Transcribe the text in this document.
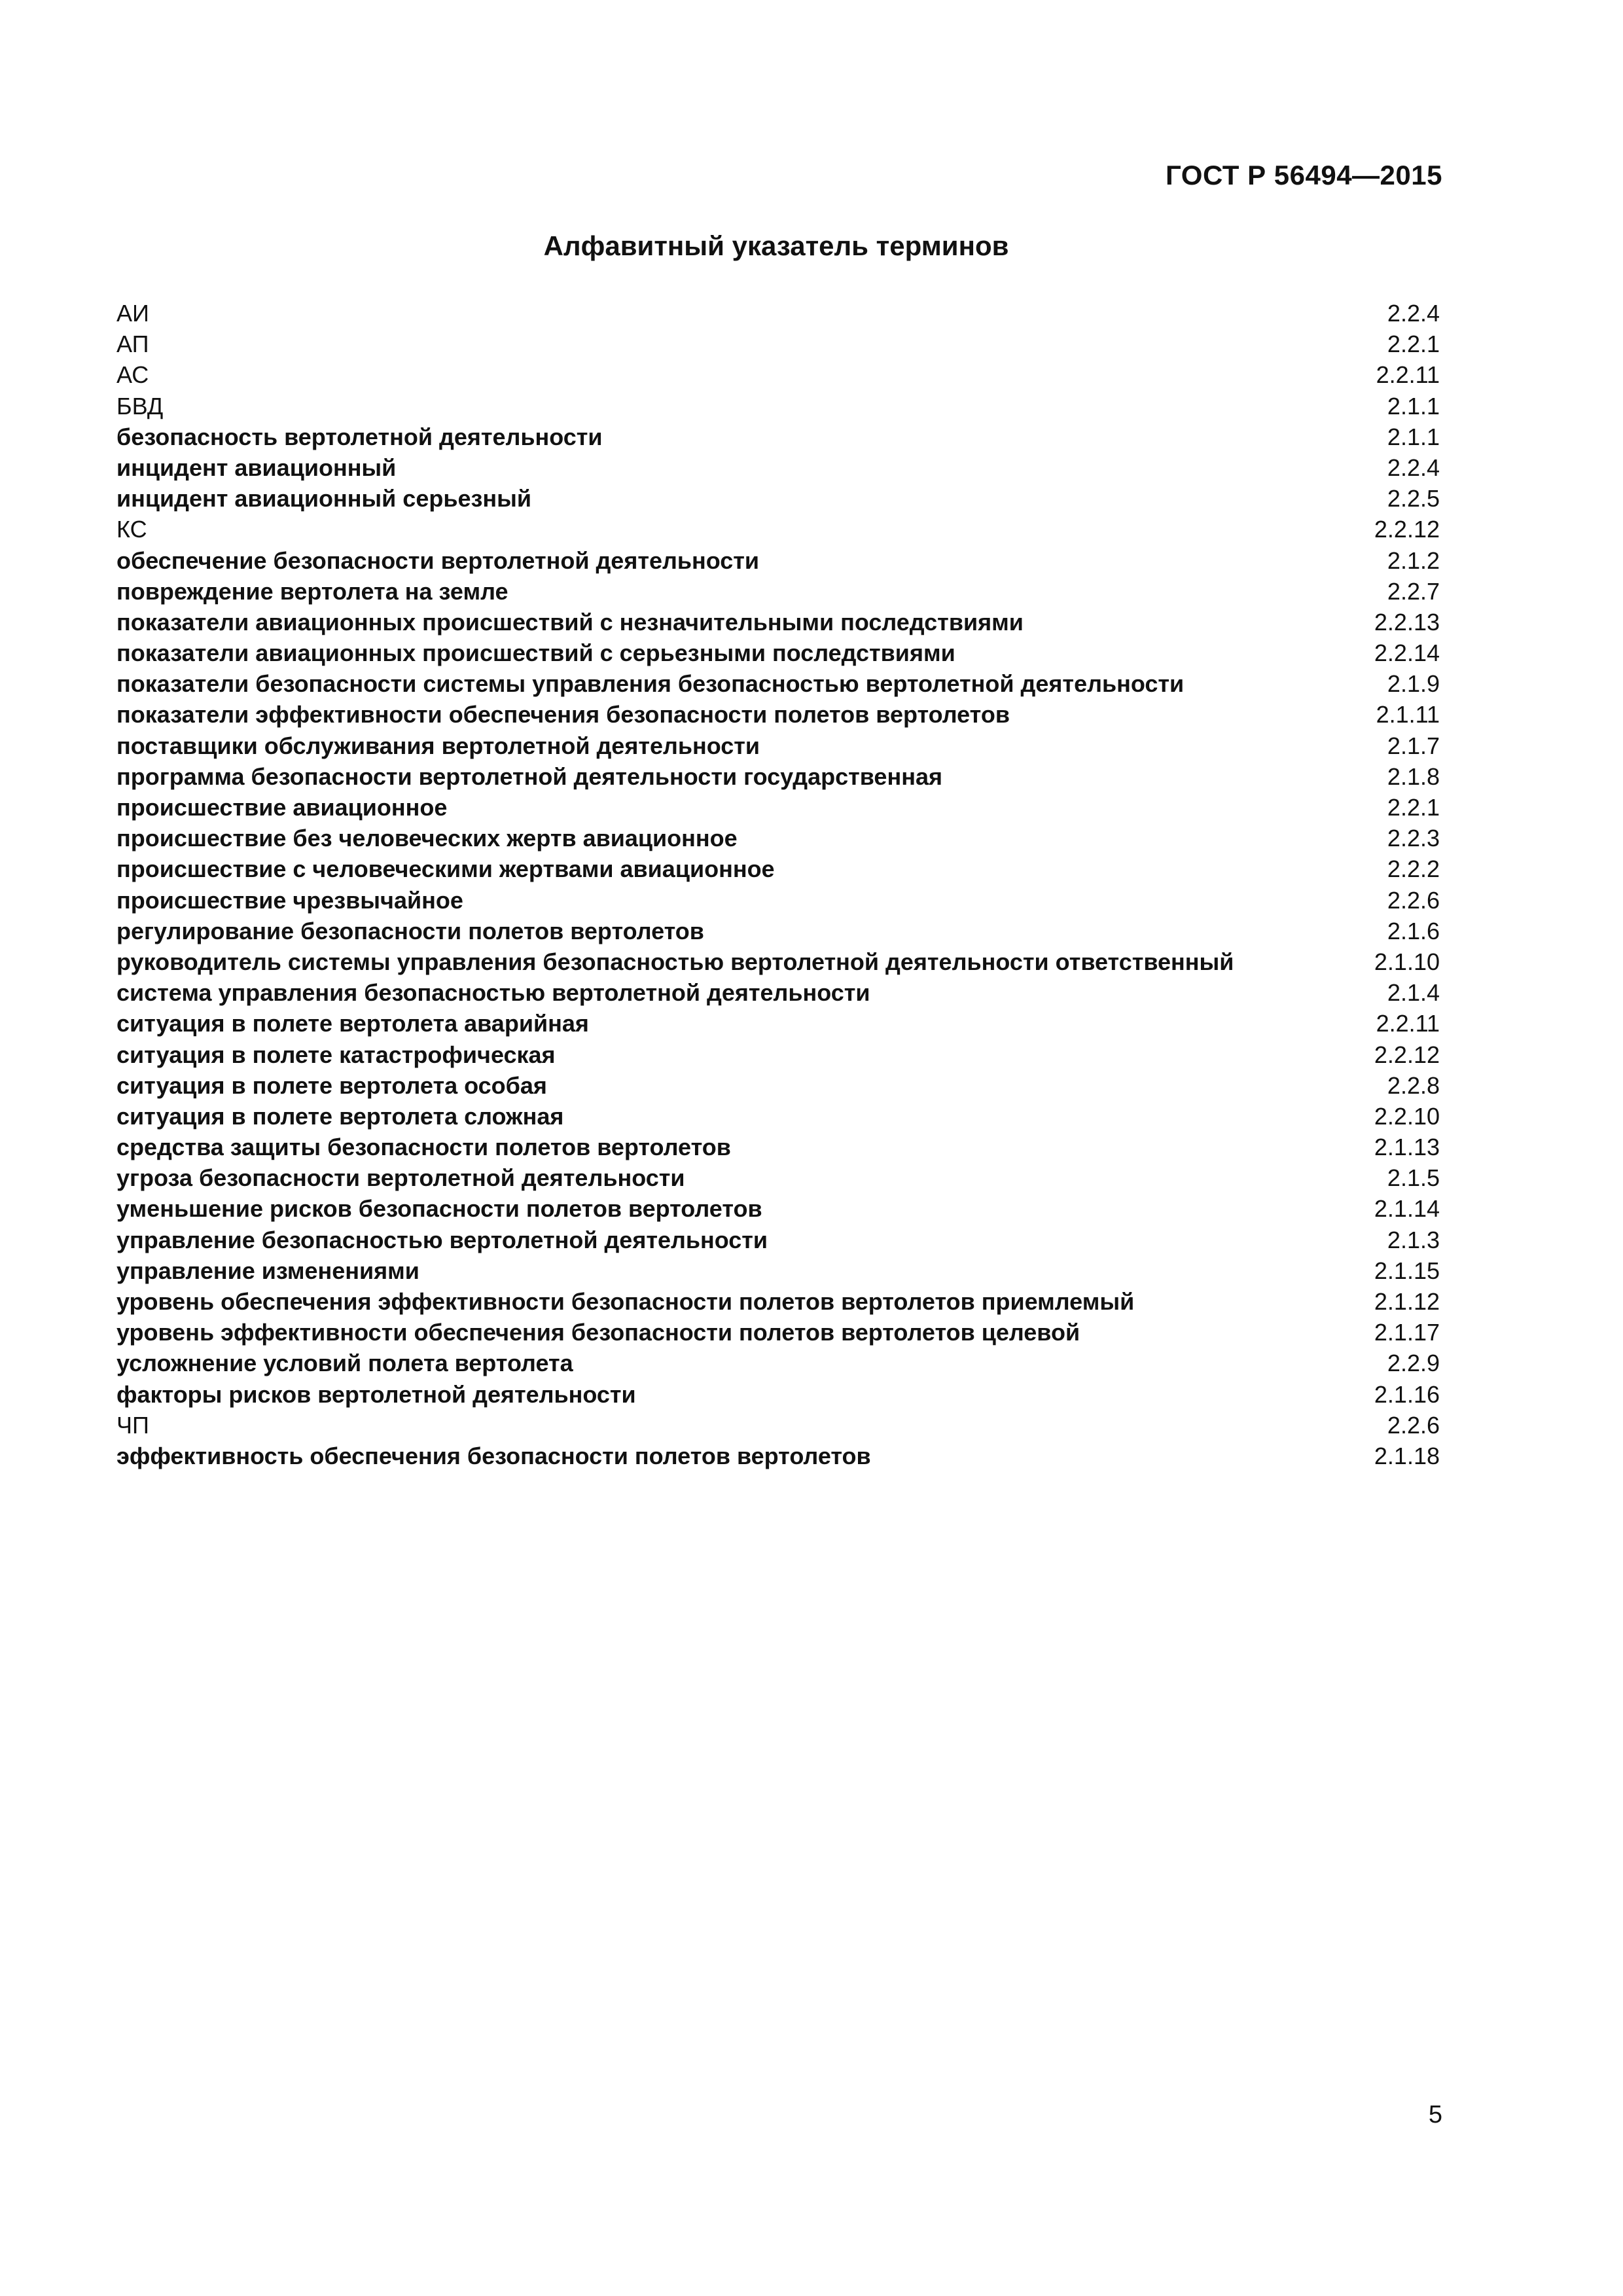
ГОСТ Р 56494—2015
Алфавитный указатель терминов
АИ	2.2.4
АП	2.2.1
АС	2.2.11
БВД	2.1.1
безопасность вертолетной деятельности	2.1.1
инцидент авиационный	2.2.4
инцидент авиационный серьезный	2.2.5
КС	2.2.12
обеспечение безопасности вертолетной деятельности	2.1.2
повреждение вертолета на земле	2.2.7
показатели авиационных происшествий с незначительными последствиями	2.2.13
показатели авиационных происшествий с серьезными последствиями	2.2.14
показатели безопасности системы управления безопасностью вертолетной деятельности	2.1.9
показатели эффективности обеспечения безопасности полетов вертолетов	2.1.11
поставщики обслуживания вертолетной деятельности	2.1.7
программа безопасности вертолетной деятельности государственная	2.1.8
происшествие авиационное	2.2.1
происшествие без человеческих жертв авиационное	2.2.3
происшествие с человеческими жертвами авиационное	2.2.2
происшествие чрезвычайное	2.2.6
регулирование безопасности полетов вертолетов	2.1.6
руководитель системы управления безопасностью вертолетной деятельности ответственный	2.1.10
система управления безопасностью вертолетной деятельности	2.1.4
ситуация в полете вертолета аварийная	2.2.11
ситуация в полете катастрофическая	2.2.12
ситуация в полете вертолета особая	2.2.8
ситуация в полете вертолета сложная	2.2.10
средства защиты безопасности полетов вертолетов	2.1.13
угроза безопасности вертолетной деятельности	2.1.5
уменьшение рисков безопасности полетов вертолетов	2.1.14
управление безопасностью вертолетной деятельности	2.1.3
управление изменениями	2.1.15
уровень обеспечения эффективности безопасности полетов вертолетов приемлемый	2.1.12
уровень эффективности обеспечения безопасности полетов вертолетов целевой	2.1.17
усложнение условий полета вертолета	2.2.9
факторы рисков вертолетной деятельности	2.1.16
ЧП	2.2.6
эффективность обеспечения безопасности полетов вертолетов	2.1.18
5
